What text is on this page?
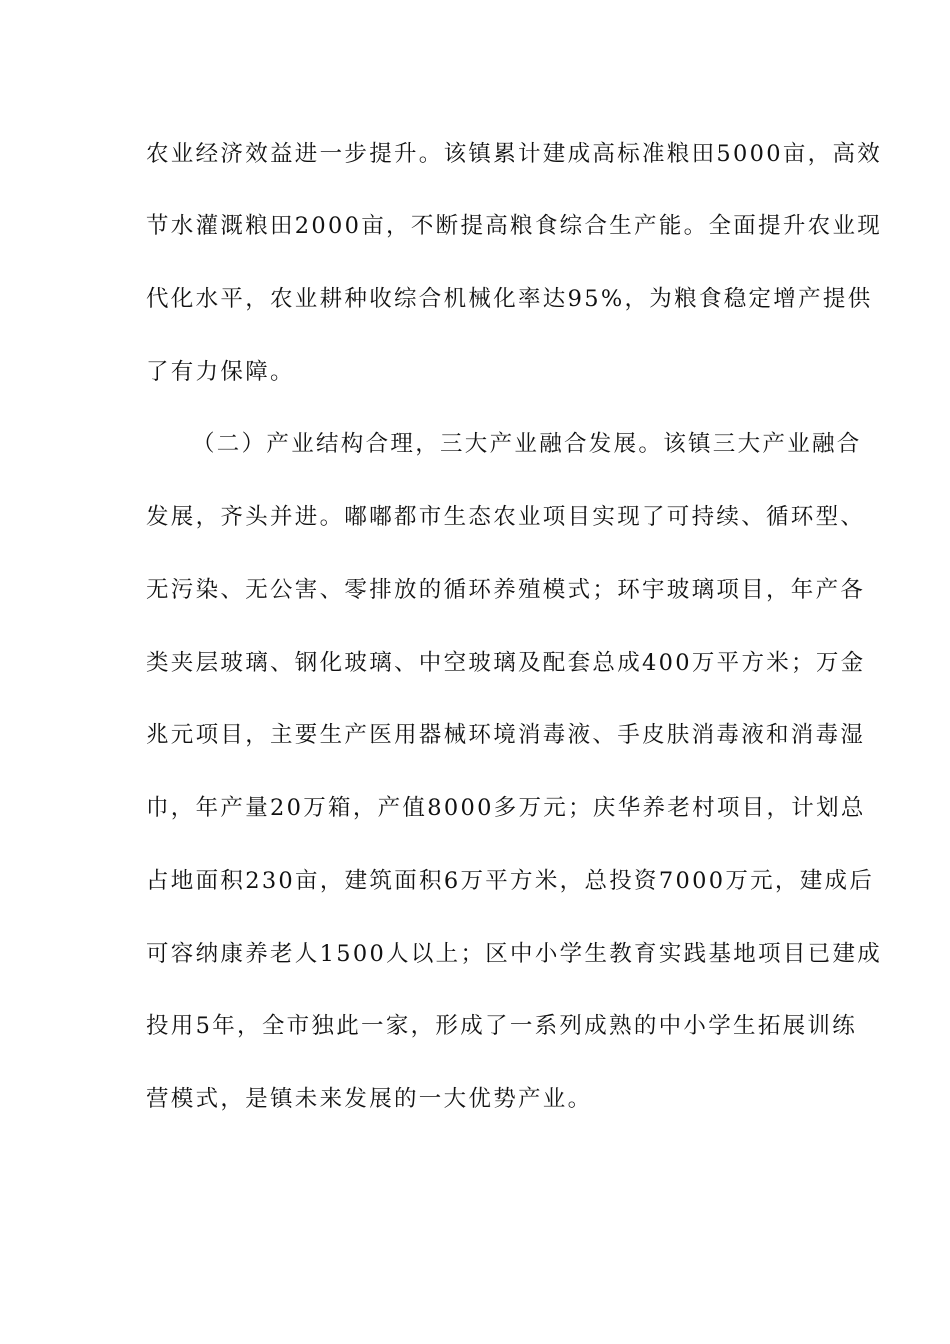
农业经济效益进一步提升。该镇累计建成高标准粮田5000亩，高效
节水灌溉粮田2000亩，不断提高粮食综合生产能。全面提升农业现
代化水平，农业耕种收综合机械化率达95%，为粮食稳定增产提供
了有力保障。
（二）产业结构合理，三大产业融合发展。该镇三大产业融合
发展，齐头并进。嘟嘟都市生态农业项目实现了可持续、循环型、
无污染、无公害、零排放的循环养殖模式；环宇玻璃项目，年产各
类夹层玻璃、钢化玻璃、中空玻璃及配套总成400万平方米；万金
兆元项目，主要生产医用器械环境消毒液、手皮肤消毒液和消毒湿
巾，年产量20万箱，产值8000多万元；庆华养老村项目，计划总
占地面积230亩，建筑面积6万平方米，总投资7000万元，建成后
可容纳康养老人1500人以上；区中小学生教育实践基地项目已建成
投用5年，全市独此一家，形成了一系列成熟的中小学生拓展训练
营模式，是镇未来发展的一大优势产业。
